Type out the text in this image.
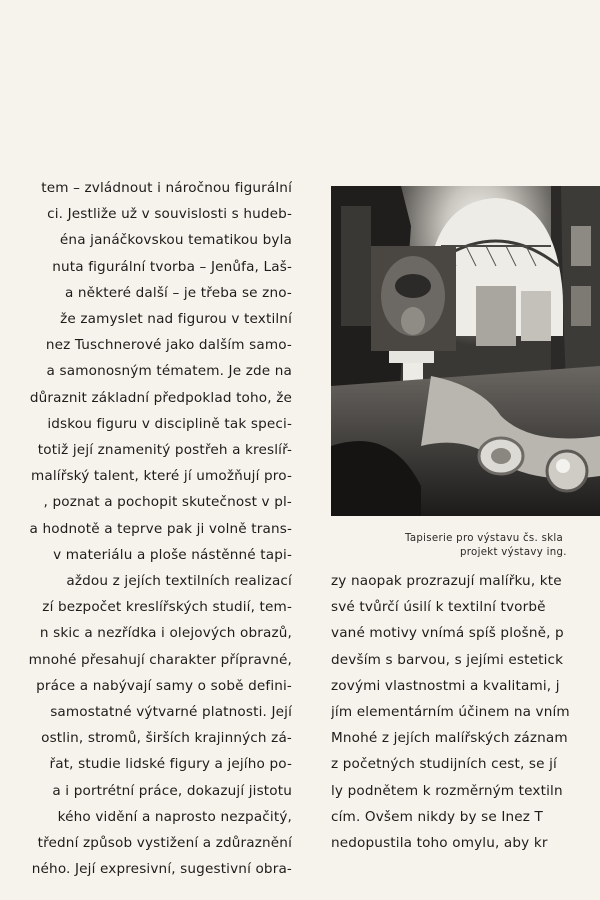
tem – zvládnout i náročnou figurální
ci. Jestliže už v souvislosti s hudeb-
éna janáčkovskou tematikou byla
nuta figurální tvorba – Jenůfa, Laš-
a některé další – je třeba se zno-
že zamyslet nad figurou v textilní
nez Tuschnerové jako dalším samo-
a samonosným tématem. Je zde na
důraznit základní předpoklad toho, že
idskou figuru v disciplině tak speci-
totiž její znamenitý postřeh a kreslíř-
malířský talent, které jí umožňují pro-
, poznat a pochopit skutečnost v pl-
a hodnotě a teprve pak ji volně trans-
v materiálu a ploše nástěnné tapi-
aždou z jejích textilních realizací
zí bezpočet kreslířských studií, tem-
n skic a nezřídka i olejových obrazů,
mnohé přesahují charakter přípravné,
práce a nabývají samy o sobě defini-
samostatné výtvarné platnosti. Její
ostlin, stromů, širších krajinných zá-
řat, studie lidské figury a jejího po-
a i portrétní práce, dokazují jistotu
kého vidění a naprosto nezpačitý,
třední způsob vystižení a zdůraznění
ného. Její expresivní, sugestivní obra-
Tapiserie pro výstavu čs. skla
projekt výstavy ing.
zy naopak prozrazují malířku, kte
své tvůrčí úsilí k textilní tvorbě
vané motivy vnímá spíš plošně, p
devším s barvou, s jejími estetick
zovými vlastnostmi a kvalitami, j
jím elementárním účinem na vním
Mnohé z jejích malířských záznam
z početných studijních cest, se jí
ly podnětem k rozměrným textiln
cím. Ovšem nikdy by se Inez T
nedopustila toho omylu, aby kr
